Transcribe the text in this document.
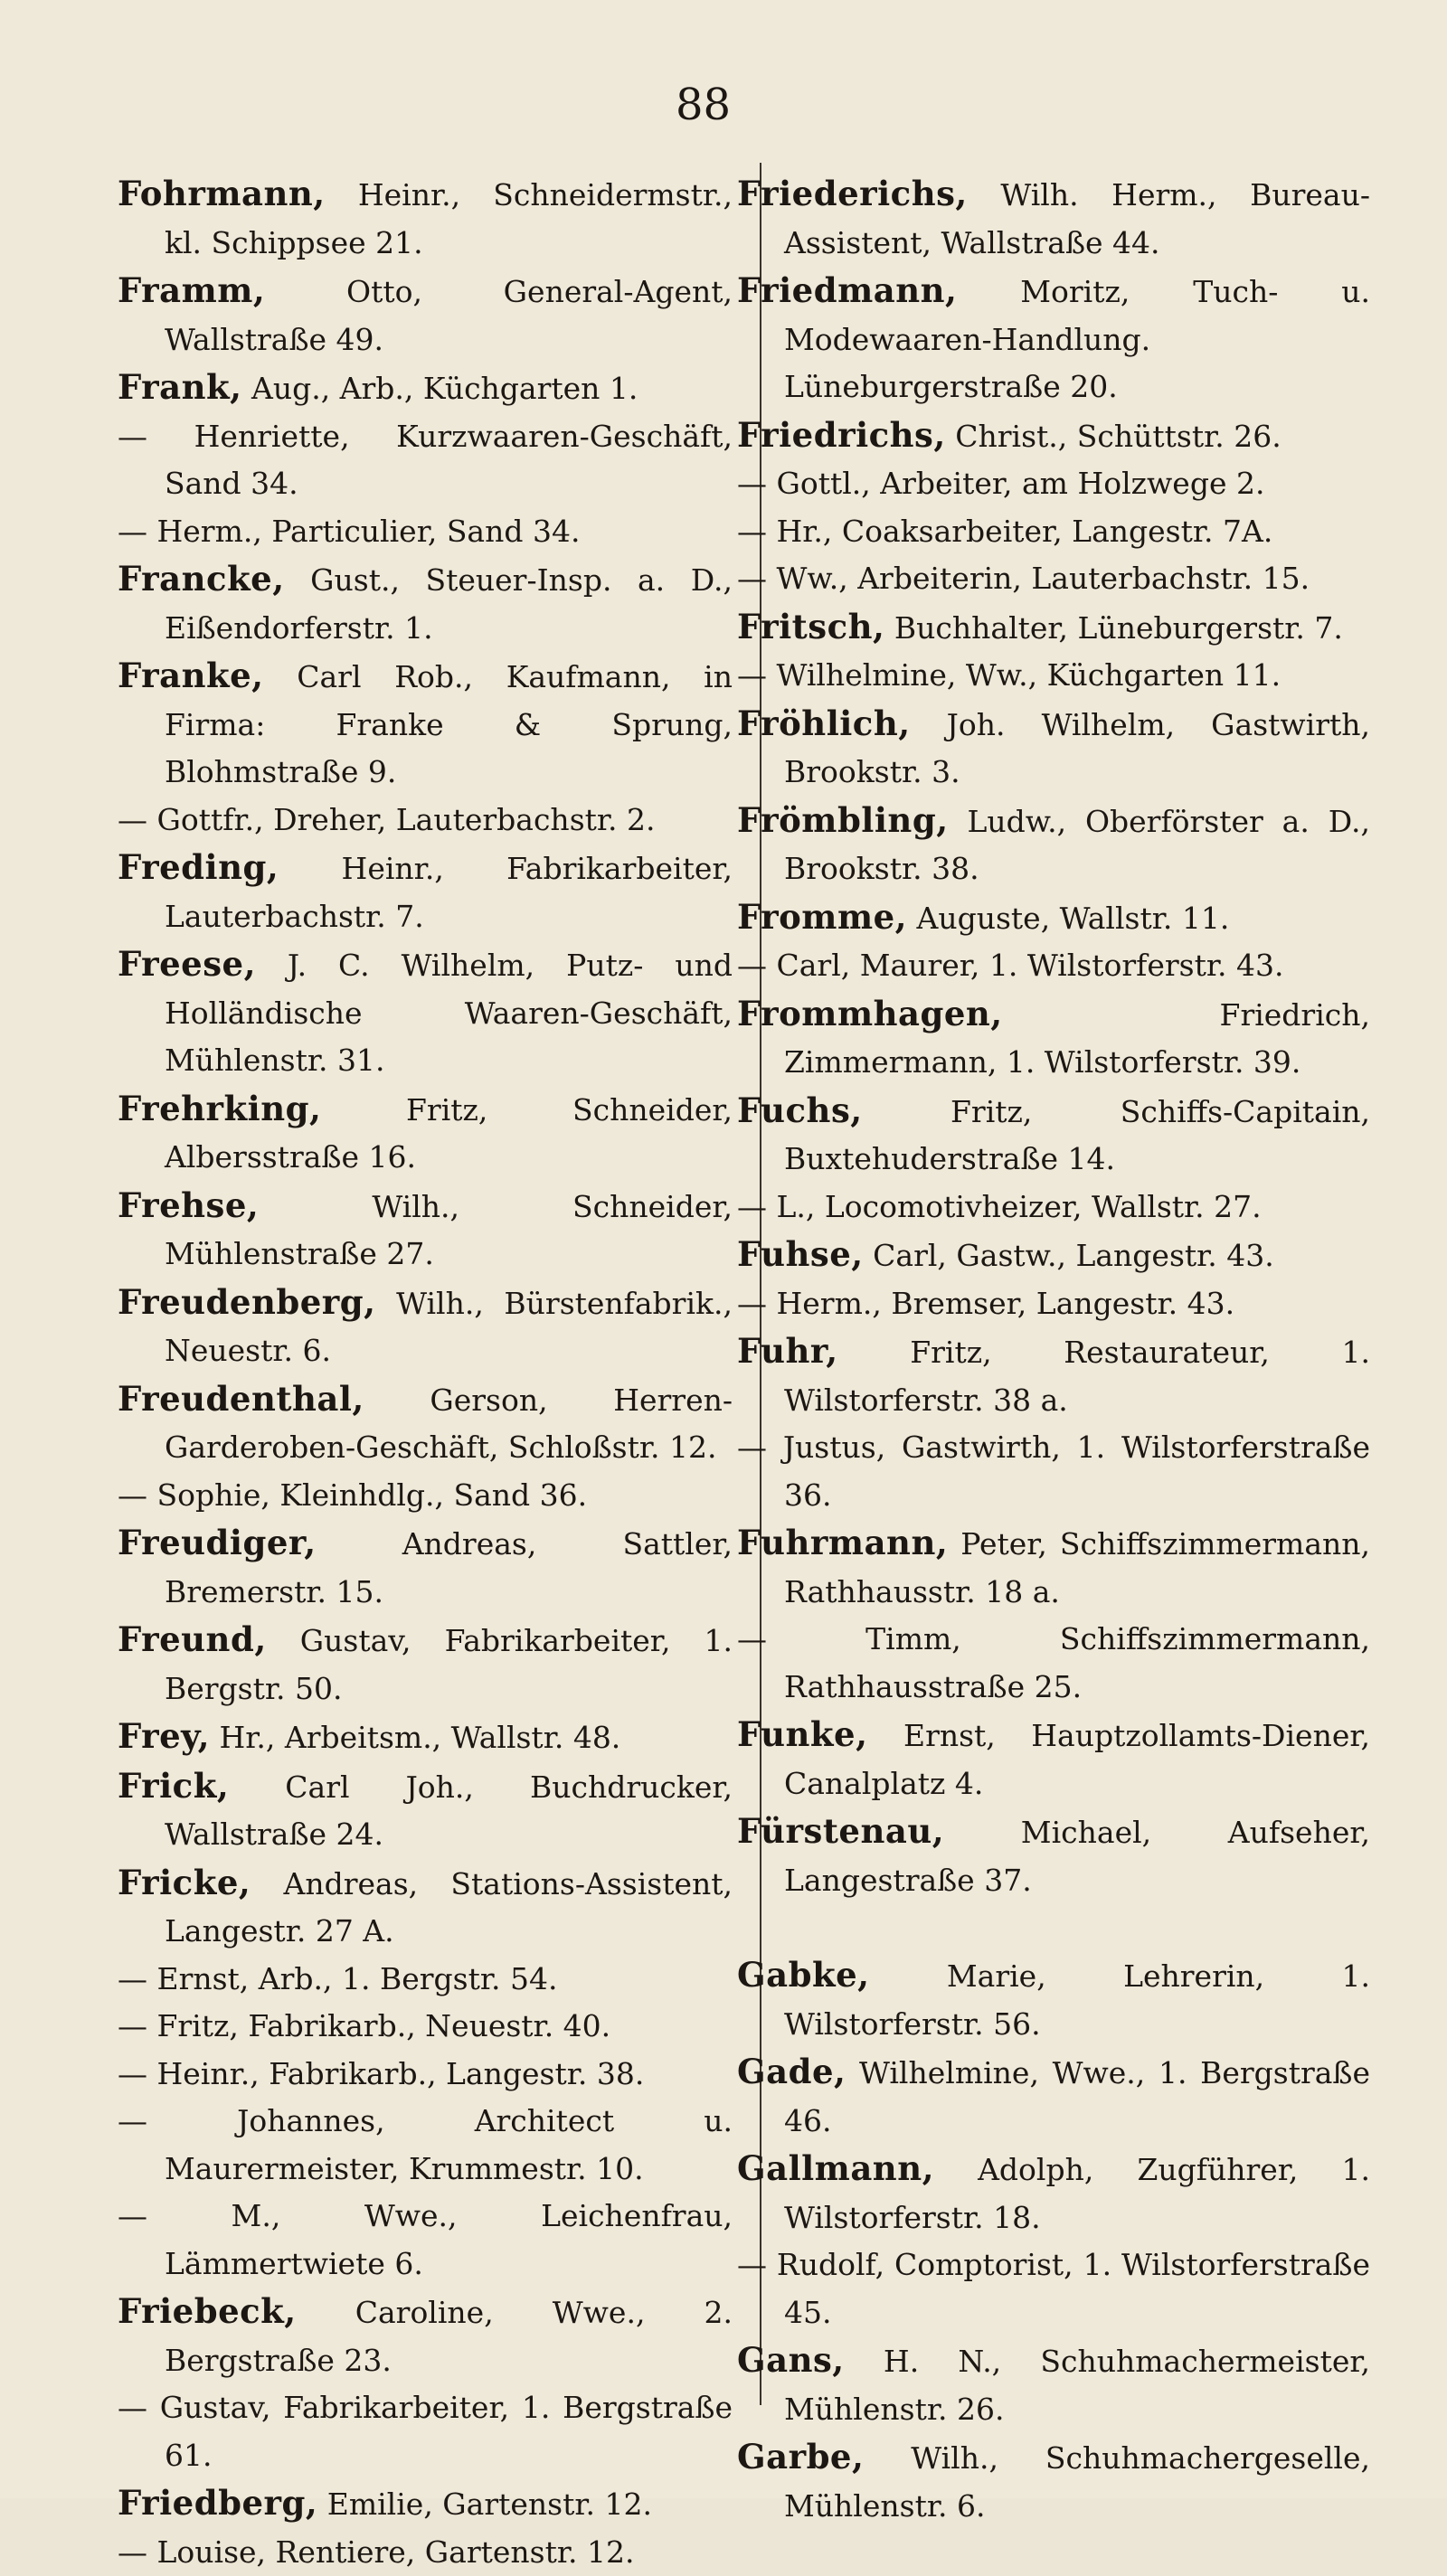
88

Fohrmann, Heinr., Schneidermstr., kl. Schippsee 21.

Framm, Otto, General-Agent, Wallstraße 49.

Frank, Aug., Arb., Küchgarten 1.

— Henriette, Kurzwaaren-Geschäft, Sand 34.

— Herm., Particulier, Sand 34.

Francke, Gust., Steuer-Insp. a. D., Eißendorferstr. 1.

Franke, Carl Rob., Kaufmann, in Firma: Franke & Sprung, Blohmstraße 9.

— Gottfr., Dreher, Lauterbachstr. 2.

Freding, Heinr., Fabrikarbeiter, Lauterbachstr. 7.

Freese, J. C. Wilhelm, Putz- und Holländische Waaren-Geschäft, Mühlenstr. 31.

Frehrking, Fritz, Schneider, Albersstraße 16.

Frehse, Wilh., Schneider, Mühlenstraße 27.

Freudenberg, Wilh., Bürstenfabrik., Neuestr. 6.

Freudenthal, Gerson, Herren-Garderoben-Geschäft, Schloßstr. 12.

— Sophie, Kleinhdlg., Sand 36.

Freudiger, Andreas, Sattler, Bremerstr. 15.

Freund, Gustav, Fabrikarbeiter, 1. Bergstr. 50.

Frey, Hr., Arbeitsm., Wallstr. 48.

Frick, Carl Joh., Buchdrucker, Wallstraße 24.

Fricke, Andreas, Stations-Assistent, Langestr. 27 A.

— Ernst, Arb., 1. Bergstr. 54.

— Fritz, Fabrikarb., Neuestr. 40.

— Heinr., Fabrikarb., Langestr. 38.

— Johannes, Architect u. Maurermeister, Krummestr. 10.

— M., Wwe., Leichenfrau, Lämmertwiete 6.

Friebeck, Caroline, Wwe., 2. Bergstraße 23.

— Gustav, Fabrikarbeiter, 1. Bergstraße 61.

Friedberg, Emilie, Gartenstr. 12.

— Louise, Rentiere, Gartenstr. 12.

Friederichs, Wilh. Herm., Bureau-Assistent, Wallstraße 44.

Friedmann, Moritz, Tuch- u. Modewaaren-Handlung. Lüneburgerstraße 20.

Friedrichs, Christ., Schüttstr. 26.

— Gottl., Arbeiter, am Holzwege 2.

— Hr., Coaksarbeiter, Langestr. 7A.

— Ww., Arbeiterin, Lauterbachstr. 15.

Fritsch, Buchhalter, Lüneburgerstr. 7.

— Wilhelmine, Ww., Küchgarten 11.

Fröhlich, Joh. Wilhelm, Gastwirth, Brookstr. 3.

Frömbling, Ludw., Oberförster a. D., Brookstr. 38.

Fromme, Auguste, Wallstr. 11.

— Carl, Maurer, 1. Wilstorferstr. 43.

Frommhagen, Friedrich, Zimmermann, 1. Wilstorferstr. 39.

Fuchs, Fritz, Schiffs-Capitain, Buxtehuderstraße 14.

— L., Locomotivheizer, Wallstr. 27.

Fuhse, Carl, Gastw., Langestr. 43.

— Herm., Bremser, Langestr. 43.

Fuhr, Fritz, Restaurateur, 1. Wilstorferstr. 38 a.

— Justus, Gastwirth, 1. Wilstorferstraße 36.

Fuhrmann, Peter, Schiffszimmermann, Rathhausstr. 18 a.

— Timm, Schiffszimmermann, Rathhausstraße 25.

Funke, Ernst, Hauptzollamts-Diener, Canalplatz 4.

Fürstenau, Michael, Aufseher, Langestraße 37.

Gabke, Marie, Lehrerin, 1. Wilstorferstr. 56.

Gade, Wilhelmine, Wwe., 1. Bergstraße 46.

Gallmann, Adolph, Zugführer, 1. Wilstorferstr. 18.

— Rudolf, Comptorist, 1. Wilstorferstraße 45.

Gans, H. N., Schuhmachermeister, Mühlenstr. 26.

Garbe, Wilh., Schuhmachergeselle, Mühlenstr. 6.
